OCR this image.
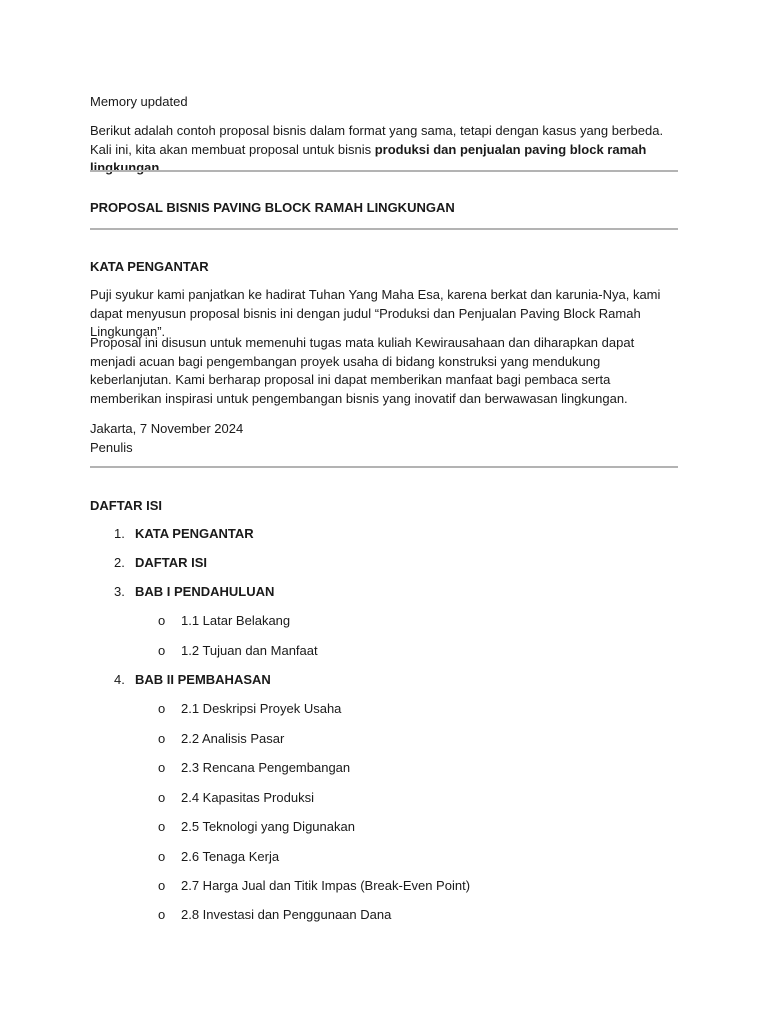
Memory updated

Berikut adalah contoh proposal bisnis dalam format yang sama, tetapi dengan kasus yang berbeda. Kali ini, kita akan membuat proposal untuk bisnis produksi dan penjualan paving block ramah lingkungan.

PROPOSAL BISNIS PAVING BLOCK RAMAH LINGKUNGAN

KATA PENGANTAR

Puji syukur kami panjatkan ke hadirat Tuhan Yang Maha Esa, karena berkat dan karunia-Nya, kami dapat menyusun proposal bisnis ini dengan judul “Produksi dan Penjualan Paving Block Ramah Lingkungan”.

Proposal ini disusun untuk memenuhi tugas mata kuliah Kewirausahaan dan diharapkan dapat menjadi acuan bagi pengembangan proyek usaha di bidang konstruksi yang mendukung keberlanjutan. Kami berharap proposal ini dapat memberikan manfaat bagi pembaca serta memberikan inspirasi untuk pengembangan bisnis yang inovatif dan berwawasan lingkungan.

Jakarta, 7 November 2024

Penulis

DAFTAR ISI

1. KATA PENGANTAR
2. DAFTAR ISI
3. BAB I PENDAHULUAN
o 1.1 Latar Belakang
o 1.2 Tujuan dan Manfaat
4. BAB II PEMBAHASAN
o 2.1 Deskripsi Proyek Usaha
o 2.2 Analisis Pasar
o 2.3 Rencana Pengembangan
o 2.4 Kapasitas Produksi
o 2.5 Teknologi yang Digunakan
o 2.6 Tenaga Kerja
o 2.7 Harga Jual dan Titik Impas (Break-Even Point)
o 2.8 Investasi dan Penggunaan Dana
